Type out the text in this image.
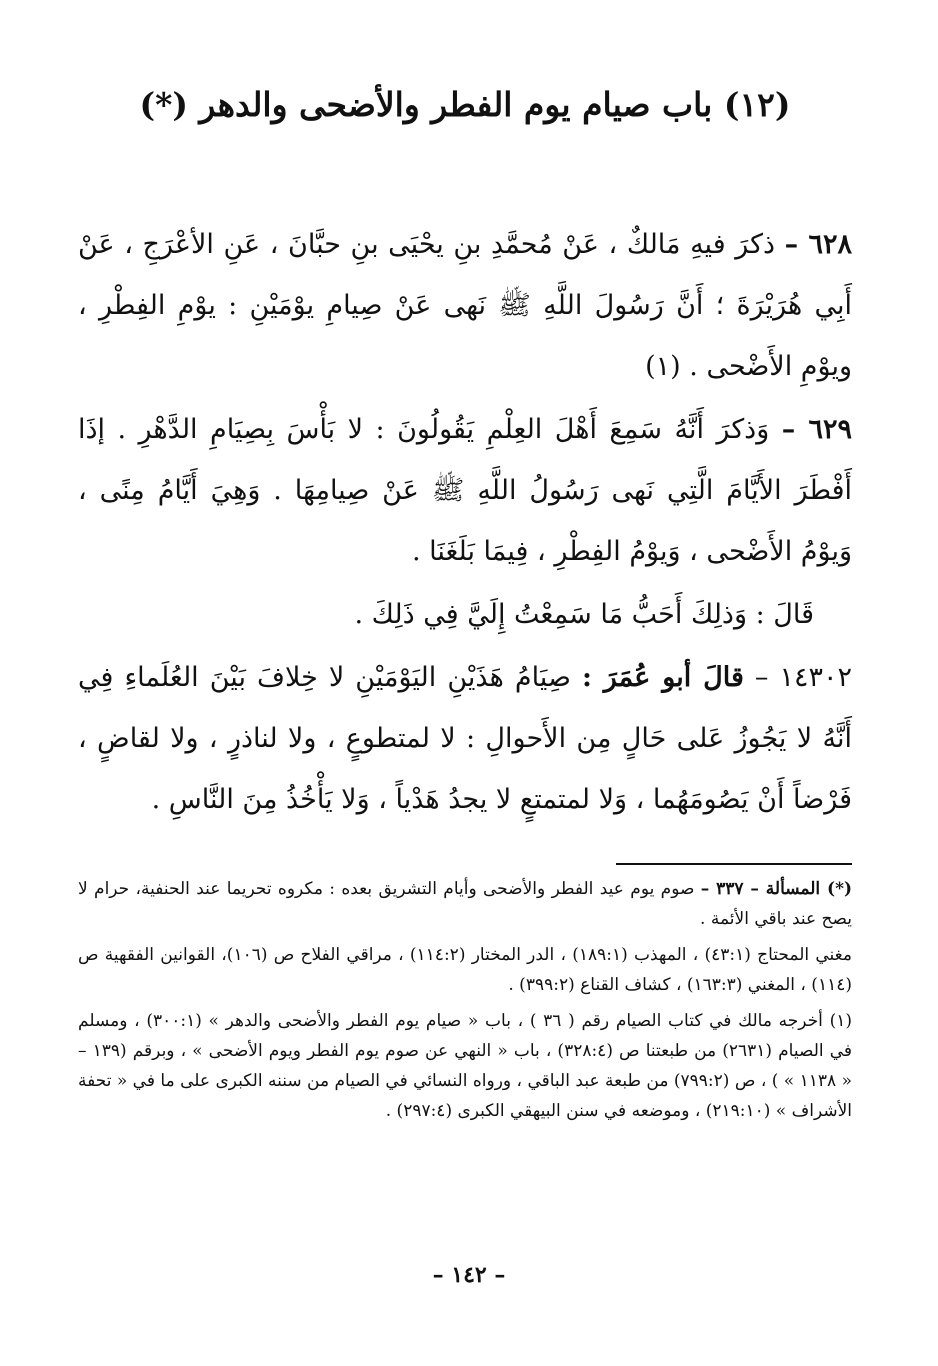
(١٢) باب صيام يوم الفطر والأضحى والدهر (*)

٦٢٨ – ذكرَ فيهِ مَالكٌ ، عَنْ مُحمَّدِ بنِ يحْيَى بنِ حبَّانَ ، عَنِ الأعْرَجِ ، عَنْ أَبِي هُرَيْرَةَ ؛ أَنَّ رَسُولَ اللَّهِ ﷺ نَهى عَنْ صِيامِ يوْمَيْنِ : يوْمِ الفِطْرِ ، ويوْمِ الأَضْحى . (١)

٦٢٩ – وَذكرَ أَنَّهُ سَمِعَ أَهْلَ العِلْمِ يَقُولُونَ : لا بَأْسَ بِصِيَامِ الدَّهْرِ . إذَا أَفْطَرَ الأَيَّامَ الَّتِي نَهى رَسُولُ اللَّهِ ﷺ عَنْ صِيامِهَا . وَهِيَ أَيَّامُ مِنًى ، وَيوْمُ الأَضْحى ، وَيوْمُ الفِطْرِ ، فِيمَا بَلَغَنَا .

قَالَ : وَذلِكَ أَحَبُّ مَا سَمِعْتُ إِلَيَّ فِي ذَلِكَ .

١٤٣٠٢ – قالَ أبو عُمَرَ : صِيَامُ هَذَيْنِ اليَوْمَيْنِ لا خِلافَ بَيْنَ العُلَماءِ فِي أَنَّهُ لا يَجُوزُ عَلى حَالٍ مِن الأَحوالِ : لا لمتطوعٍ ، ولا لناذرٍ ، ولا لقاضٍ ، فَرْضاً أَنْ يَصُومَهُما ، وَلا لمتمتعٍ لا يجدُ هَدْياً ، وَلا يَأْخُذُ مِنَ النَّاسِ .

(*) المسألة – ٣٣٧ – صوم يوم عيد الفطر والأضحى وأيام التشريق بعده : مكروه تحريما عند الحنفية، حرام لا يصح عند باقي الأئمة .

مغني المحتاج (٤٣:١) ، المهذب (١٨٩:١) ، الدر المختار (١١٤:٢) ، مراقي الفلاح ص (١٠٦)، القوانين الفقهية ص (١١٤) ، المغني (١٦٣:٣) ، كشاف القناع (٣٩٩:٢) .

(١) أخرجه مالك في كتاب الصيام رقم ( ٣٦ ) ، باب « صيام يوم الفطر والأضحى والدهر » (٣٠٠:١) ، ومسلم في الصيام (٢٦٣١) من طبعتنا ص (٣٢٨:٤) ، باب « النهي عن صوم يوم الفطر ويوم الأضحى » ، وبرقم (١٣٩ – « ١١٣٨ » ) ، ص (٧٩٩:٢) من طبعة عبد الباقي ، ورواه النسائي في الصيام من سننه الكبرى على ما في « تحفة الأشراف » (٢١٩:١٠) ، وموضعه في سنن البيهقي الكبرى (٢٩٧:٤) .

– ١٤٢ –
